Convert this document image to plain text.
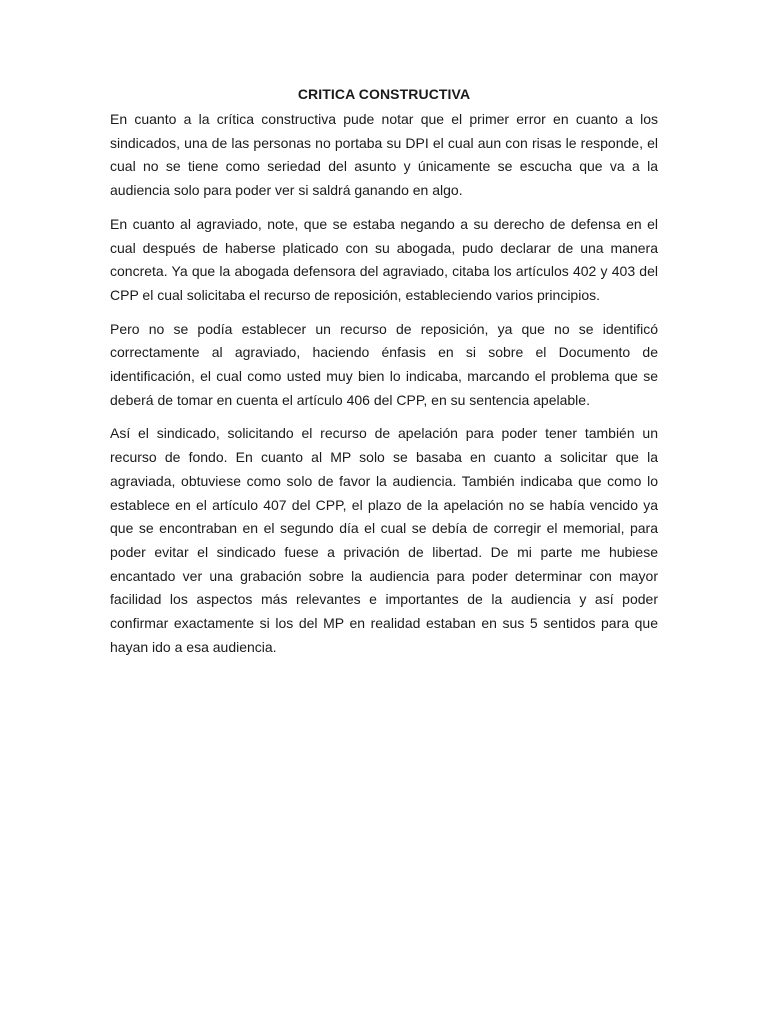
CRITICA CONSTRUCTIVA

En cuanto a la crítica constructiva pude notar que el primer error en cuanto a los sindicados, una de las personas no portaba su DPI el cual aun con risas le responde, el cual no se tiene como seriedad del asunto y únicamente se escucha que va a la audiencia solo para poder ver si saldrá ganando en algo.

En cuanto al agraviado, note, que se estaba negando a su derecho de defensa en el cual después de haberse platicado con su abogada, pudo declarar de una manera concreta. Ya que la abogada defensora del agraviado, citaba los artículos 402 y 403 del CPP el cual solicitaba el recurso de reposición, estableciendo varios principios.

Pero no se podía establecer un recurso de reposición, ya que no se identificó correctamente al agraviado, haciendo énfasis en si sobre el Documento de identificación, el cual como usted muy bien lo indicaba, marcando el problema que se deberá de tomar en cuenta el artículo 406 del CPP, en su sentencia apelable.

Así el sindicado, solicitando el recurso de apelación para poder tener también un recurso de fondo. En cuanto al MP solo se basaba en cuanto a solicitar que la agraviada, obtuviese como solo de favor la audiencia. También indicaba que como lo establece en el artículo 407 del CPP, el plazo de la apelación no se había vencido ya que se encontraban en el segundo día el cual se debía de corregir el memorial, para poder evitar el sindicado fuese a privación de libertad. De mi parte me hubiese encantado ver una grabación sobre la audiencia para poder determinar con mayor facilidad los aspectos más relevantes e importantes de la audiencia y así poder confirmar exactamente si los del MP en realidad estaban en sus 5 sentidos para que hayan ido a esa audiencia.
